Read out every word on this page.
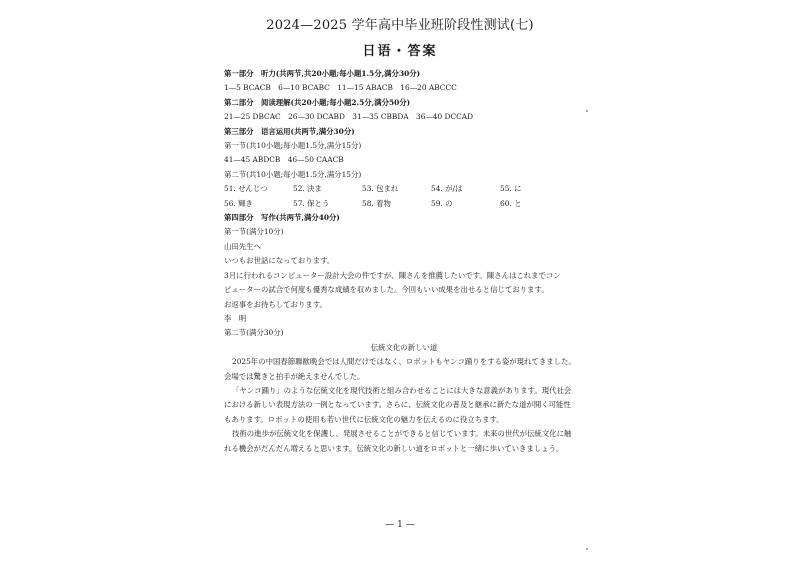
2024—2025 学年高中毕业班阶段性测试(七)
日语・答案
第一部分　听力(共两节,共20小题;每小题1.5分,满分30分)
1—5 BCACB　6—10 BCABC　11—15 ABACB　16—20 ABCCC
第二部分　阅读理解(共20小题;每小题2.5分,满分50分)
21—25 DBCAC　26—30 DCABD　31—35 CBBDA　36—40 DCCAD
第三部分　语言运用(共两节,满分30分)
第一节(共10小题;每小题1.5分,满分15分)
41—45 ABDCB　46—50 CAACB
第二节(共10小题;每小题1.5分,满分15分)
51. せんじつ	52. 決ま	53. 包まれ	54. が/は	55. に
56. 輝き	57. 保とう	58. 着物	59. の	60. と
第四部分　写作(共两节,满分40分)
第一节(满分10分)
山田先生へ
いつもお世話になっております。
3月に行われるコンピューター設計大会の件ですが、陳さんを推薦したいです。陳さんはこれまでコン
ピューターの試合で何度も優秀な成績を収めました。今回もいい成果を出せると信じております。
お返事をお待ちしております。
李　明
第二节(满分30分)
伝統文化の新しい道
2025年の中国春節聯歓晩会では人間だけではなく、ロボットもヤンコ踊りをする姿が現れてきました。
会場では驚きと拍手が絶えませんでした。
「ヤンコ踊り」のような伝統文化を現代技術と組み合わせることには大きな意義があります。現代社会
における新しい表現方法の一例となっています。さらに、伝統文化の普及と継承に新たな道が開く可能性
もあります。ロボットの使用も若い世代に伝統文化の魅力を伝えるのに役立ちます。
技術の進歩が伝統文化を保護し、発展させることができると信じています。未来の世代が伝統文化に触
れる機会がだんだん増えると思います。伝統文化の新しい道をロボットと一緒に歩いていきましょう。
— 1 —
